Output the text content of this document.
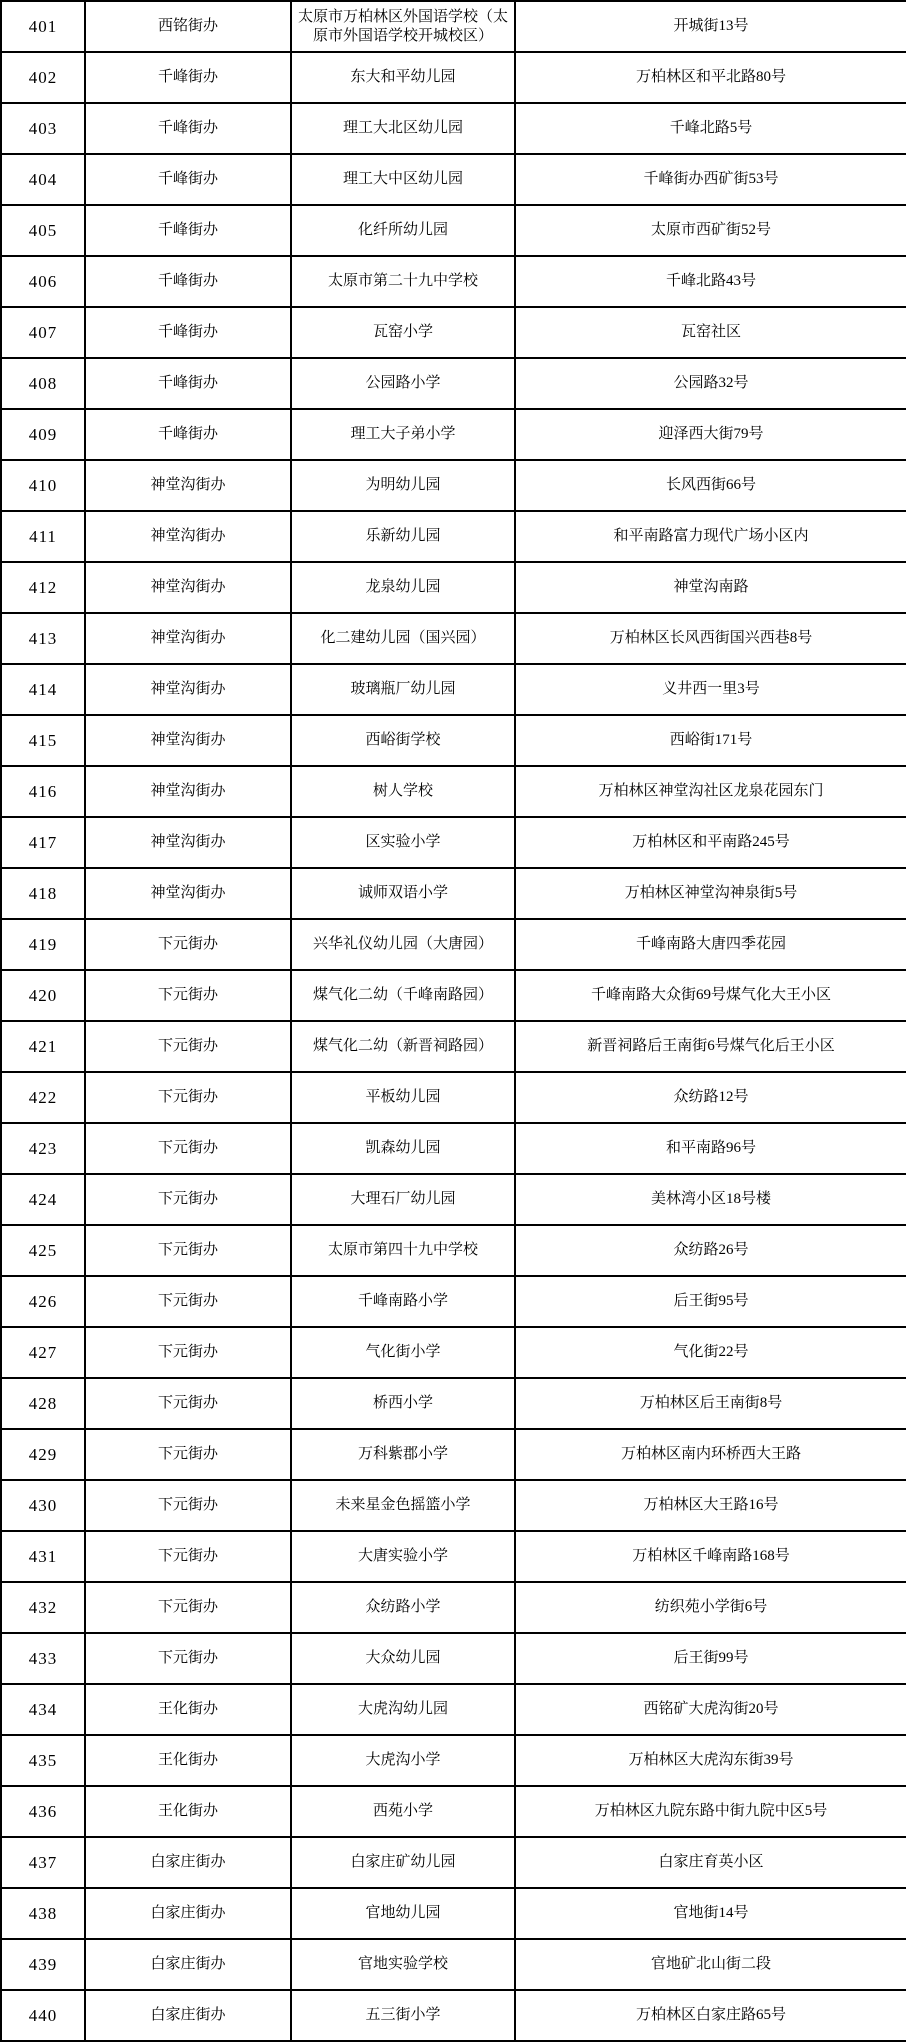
401	西铭街办	太原市万柏林区外国语学校（太原市外国语学校开城校区）	开城街13号

402	千峰街办	东大和平幼儿园	万柏林区和平北路80号

403	千峰街办	理工大北区幼儿园	千峰北路5号

404	千峰街办	理工大中区幼儿园	千峰街办西矿街53号

405	千峰街办	化纤所幼儿园	太原市西矿街52号

406	千峰街办	太原市第二十九中学校	千峰北路43号

407	千峰街办	瓦窑小学	瓦窑社区

408	千峰街办	公园路小学	公园路32号

409	千峰街办	理工大子弟小学	迎泽西大街79号

410	神堂沟街办	为明幼儿园	长风西街66号

411	神堂沟街办	乐新幼儿园	和平南路富力现代广场小区内

412	神堂沟街办	龙泉幼儿园	神堂沟南路

413	神堂沟街办	化二建幼儿园（国兴园）	万柏林区长风西街国兴西巷8号

414	神堂沟街办	玻璃瓶厂幼儿园	义井西一里3号

415	神堂沟街办	西峪街学校	西峪街171号

416	神堂沟街办	树人学校	万柏林区神堂沟社区龙泉花园东门

417	神堂沟街办	区实验小学	万柏林区和平南路245号

418	神堂沟街办	诚师双语小学	万柏林区神堂沟神泉街5号

419	下元街办	兴华礼仪幼儿园（大唐园）	千峰南路大唐四季花园

420	下元街办	煤气化二幼（千峰南路园）	千峰南路大众街69号煤气化大王小区

421	下元街办	煤气化二幼（新晋祠路园）	新晋祠路后王南街6号煤气化后王小区

422	下元街办	平板幼儿园	众纺路12号

423	下元街办	凯森幼儿园	和平南路96号

424	下元街办	大理石厂幼儿园	美林湾小区18号楼

425	下元街办	太原市第四十九中学校	众纺路26号

426	下元街办	千峰南路小学	后王街95号

427	下元街办	气化街小学	气化街22号

428	下元街办	桥西小学	万柏林区后王南街8号

429	下元街办	万科紫郡小学	万柏林区南内环桥西大王路

430	下元街办	未来星金色摇篮小学	万柏林区大王路16号

431	下元街办	大唐实验小学	万柏林区千峰南路168号

432	下元街办	众纺路小学	纺织苑小学街6号

433	下元街办	大众幼儿园	后王街99号

434	王化街办	大虎沟幼儿园	西铭矿大虎沟街20号

435	王化街办	大虎沟小学	万柏林区大虎沟东街39号

436	王化街办	西苑小学	万柏林区九院东路中街九院中区5号

437	白家庄街办	白家庄矿幼儿园	白家庄育英小区

438	白家庄街办	官地幼儿园	官地街14号

439	白家庄街办	官地实验学校	官地矿北山街二段

440	白家庄街办	五三街小学	万柏林区白家庄路65号
